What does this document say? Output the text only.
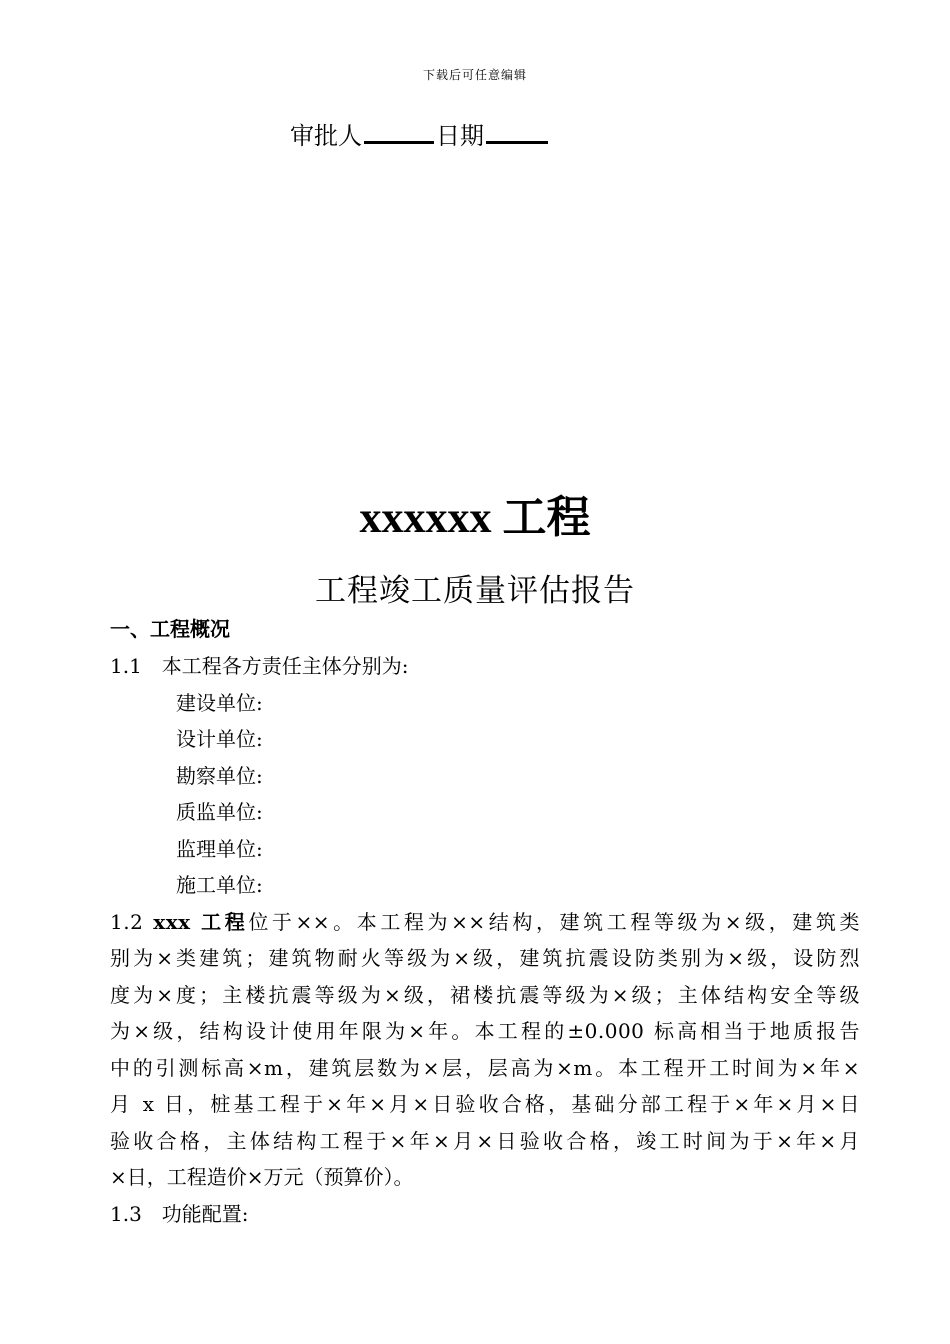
下载后可任意编辑
审批人	日期
xxxxxx 工程
工程竣工质量评估报告
一、工程概况
1.1　本工程各方责任主体分别为:
建设单位:
设计单位:
勘察单位:
质监单位:
监理单位:
施工单位:
1.2 xxx 工程位于××。本工程为××结构，建筑工程等级为×级，建筑类
别为×类建筑；建筑物耐火等级为×级，建筑抗震设防类别为×级，设防烈
度为×度；主楼抗震等级为×级，裙楼抗震等级为×级；主体结构安全等级
为×级，结构设计使用年限为×年。本工程的±0.000 标高相当于地质报告
中的引测标高×m，建筑层数为×层，层高为×m。本工程开工时间为×年×
月 x 日，桩基工程于×年×月×日验收合格，基础分部工程于×年×月×日
验收合格，主体结构工程于×年×月×日验收合格，竣工时间为于×年×月
×日，工程造价×万元（预算价）。
1.3　功能配置:
